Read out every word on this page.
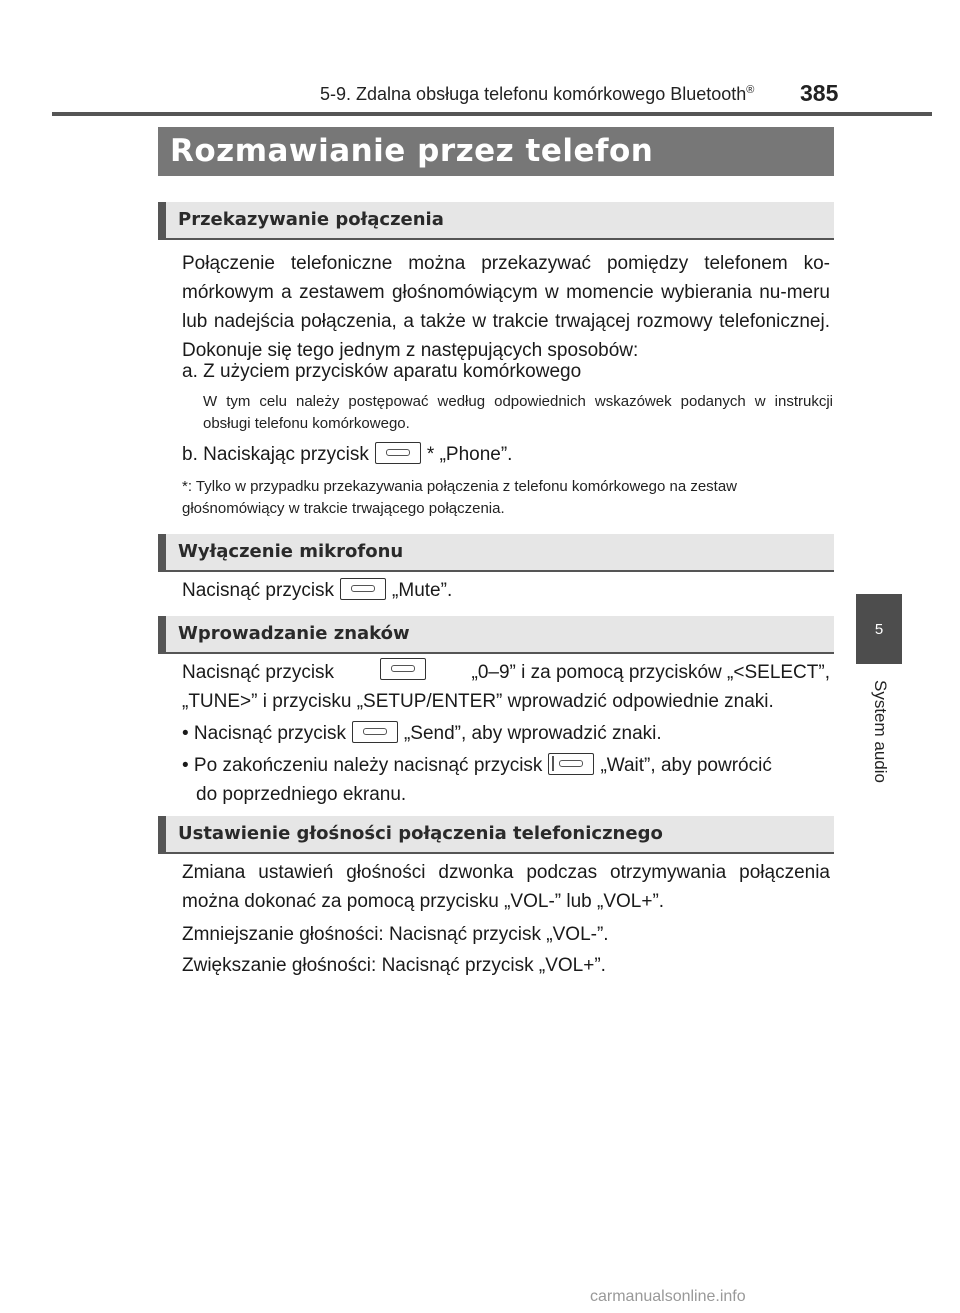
5-9. Zdalna obsługa telefonu komórkowego Bluetooth® 385
5
System audio
Rozmawianie przez telefon
Przekazywanie połączenia
Połączenie telefoniczne można przekazywać pomiędzy telefonem ko-mórkowym a zestawem głośnomówiącym w momencie wybierania nu-meru lub nadejścia połączenia, a także w trakcie trwającej rozmowy telefonicznej. Dokonuje się tego jednym z następujących sposobów:
a. Z użyciem przycisków aparatu komórkowego
W tym celu należy postępować według odpowiednich wskazówek podanych w instrukcji obsługi telefonu komórkowego.
b. Naciskając przycisk	* „Phone”.
*: Tylko w przypadku przekazywania połączenia z telefonu komórkowego na zestaw głośnomówiący w trakcie trwającego połączenia.
Wyłączenie mikrofonu
Nacisnąć przycisk	„Mute”.
Wprowadzanie znaków
Nacisnąć przycisk	„0–9” i za pomocą przycisków „<SELECT”,
„TUNE>” i przycisku „SETUP/ENTER” wprowadzić odpowiednie znaki.
• Nacisnąć przycisk	„Send”, aby wprowadzić znaki.
• Po zakończeniu należy nacisnąć przycisk	„Wait”, aby powrócić
do poprzedniego ekranu.
Ustawienie głośności połączenia telefonicznego
Zmiana ustawień głośności dzwonka podczas otrzymywania połączenia można dokonać za pomocą przycisku „VOL-” lub „VOL+”.
Zmniejszanie głośności: Nacisnąć przycisk „VOL-”.
Zwiększanie głośności: Nacisnąć przycisk „VOL+”.
carmanualsonline.info
